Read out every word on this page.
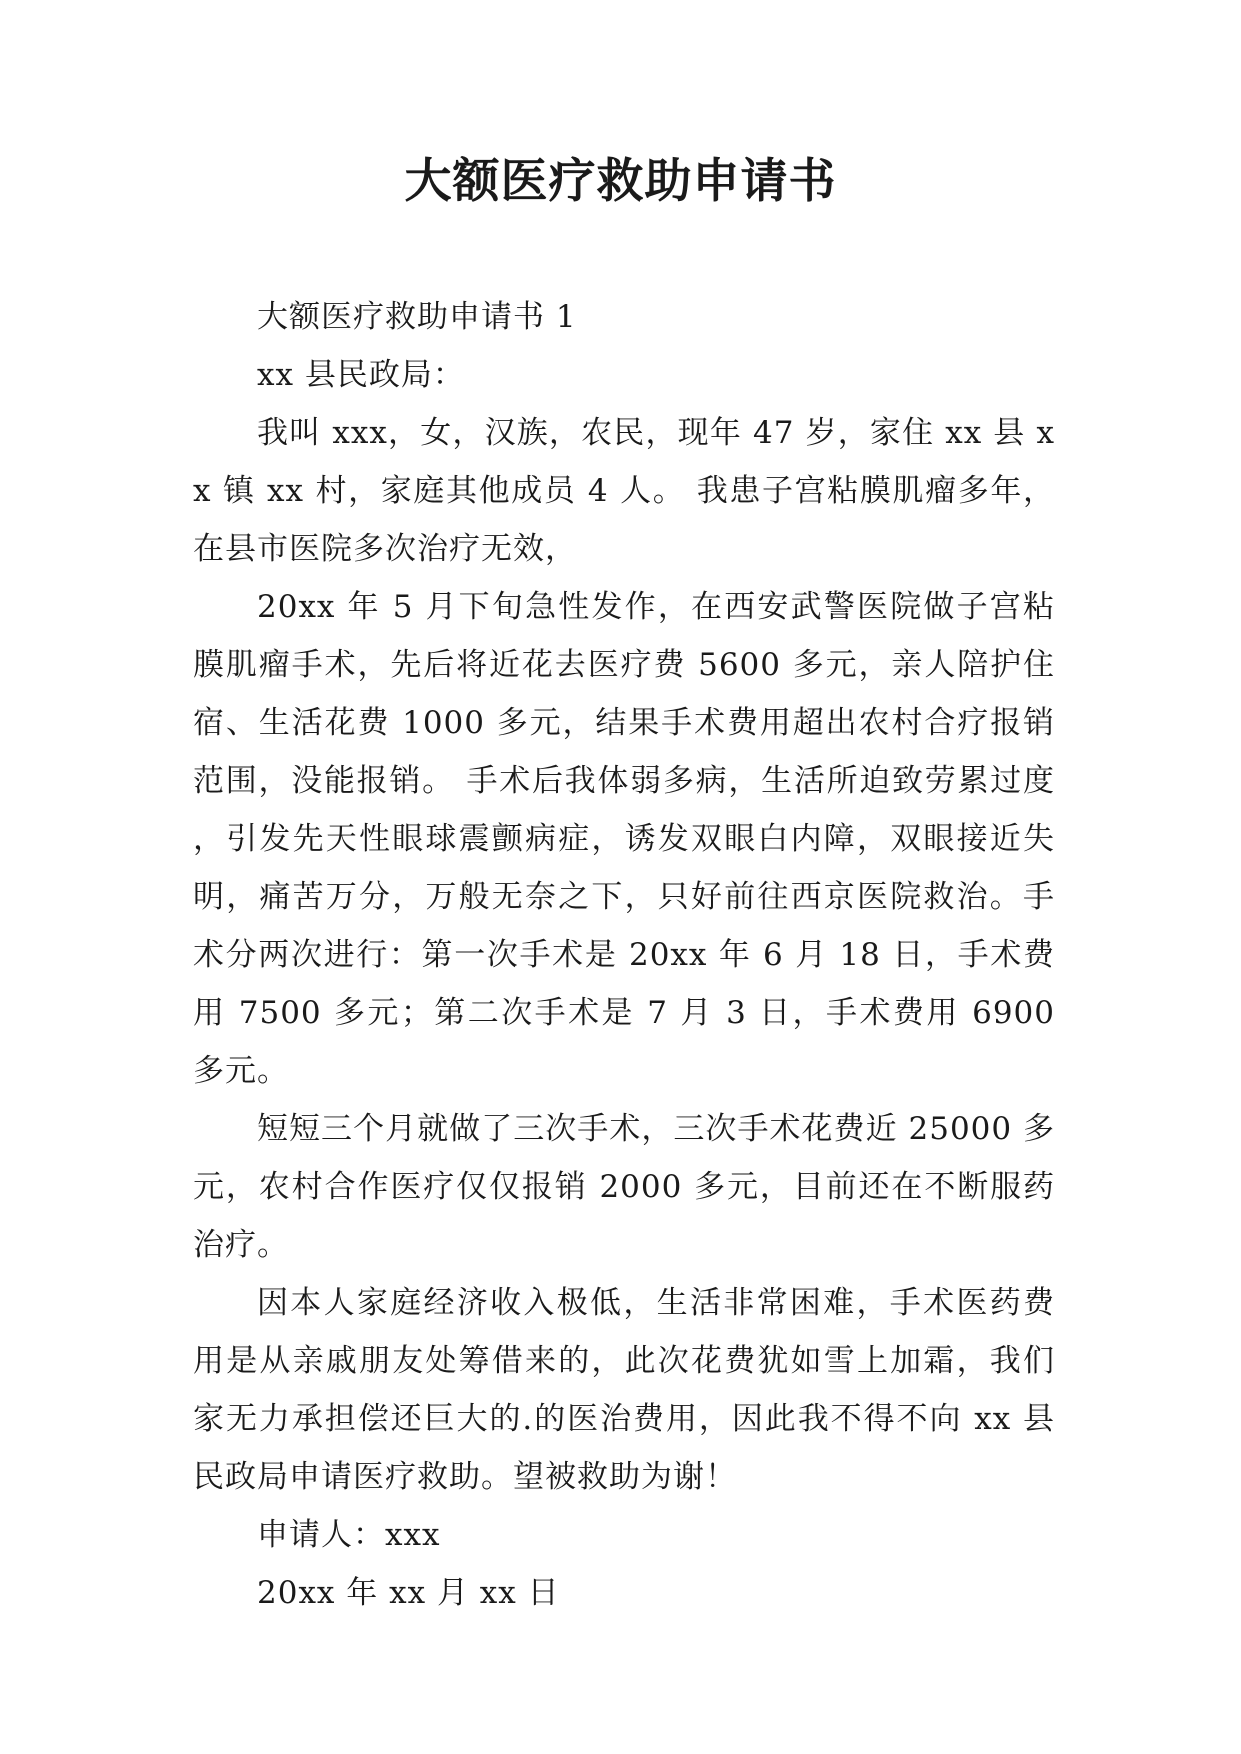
大额医疗救助申请书

大额医疗救助申请书 1

xx 县民政局：

我叫 xxx，女，汉族，农民，现年 47 岁，家住 xx 县 xx 镇 xx 村，家庭其他成员 4 人。 我患子宫粘膜肌瘤多年，在县市医院多次治疗无效，

20xx 年 5 月下旬急性发作，在西安武警医院做子宫粘膜肌瘤手术，先后将近花去医疗费 5600 多元，亲人陪护住宿、生活花费 1000 多元，结果手术费用超出农村合疗报销范围，没能报销。 手术后我体弱多病，生活所迫致劳累过度，引发先天性眼球震颤病症，诱发双眼白内障，双眼接近失明，痛苦万分，万般无奈之下，只好前往西京医院救治。手术分两次进行：第一次手术是 20xx 年 6 月 18 日，手术费用 7500 多元；第二次手术是 7 月 3 日，手术费用 6900 多元。

短短三个月就做了三次手术，三次手术花费近 25000 多元，农村合作医疗仅仅报销 2000 多元，目前还在不断服药治疗。

因本人家庭经济收入极低，生活非常困难，手术医药费用是从亲戚朋友处筹借来的，此次花费犹如雪上加霜，我们家无力承担偿还巨大的.的医治费用，因此我不得不向 xx 县民政局申请医疗救助。望被救助为谢！

申请人：xxx

20xx 年 xx 月 xx 日
